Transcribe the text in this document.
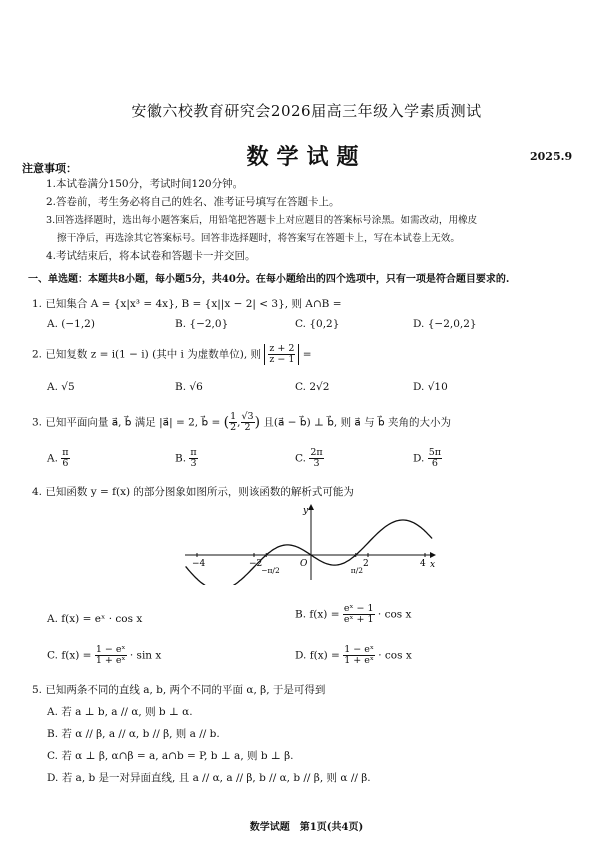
安徽六校教育研究会2026届高三年级入学素质测试
数学试题	2025.9
注意事项：
1.本试卷满分150分，考试时间120分钟。
2.答卷前，考生务必将自己的姓名、准考证号填写在答题卡上。
3.回答选择题时，选出每小题答案后，用铅笔把答题卡上对应题目的答案标号涂黑。如需改动，用橡皮
擦干净后，再选涂其它答案标号。回答非选择题时，将答案写在答题卡上，写在本试卷上无效。
4.考试结束后，将本试卷和答题卡一并交回。
一、单选题：本题共8小题，每小题5分，共40分。在每小题给出的四个选项中，只有一项是符合题目要求的.
1. 已知集合 A = {x|x³ = 4x}, B = {x||x − 2| < 3}, 则 A∩B =
A. (−1,2)	B. {−2,0}	C. {0,2}	D. {−2,0,2}
2. 已知复数 z = i(1 − i) (其中 i 为虚数单位), 则 $\frac{z + 2}{z - 1}$ =
A. √5	B. √6	C. 2√2	D. √10
3. 已知平面向量 a⃗, b⃗ 满足 |a⃗| = 2, b⃗ = ( $\frac{1}{2}$ , $\frac{√3}{2}$ ) 且(a⃗ − b⃗) ⊥ b⃗, 则 a⃗ 与 b⃗ 夹角的大小为
A. $\frac{\pi}{6}$	B. $\frac{\pi}{3}$	C. $\frac{2\pi}{3}$	D. $\frac{5\pi}{6}$
4. 已知函数 y = f(x) 的部分图象如图所示，则该函数的解析式可能为
y
x
O
−4	−2
−π/2	π/2
2	4
A. f(x) = eˣ · cos x	B. $f(x) = \frac{\text{eˣ − 1}}{\text{eˣ + 1}} \cdot \cos x$
C. $f(x) = \frac{\text{1 − eˣ}}{\text{1 + eˣ}} \cdot \sin x$	D. $f(x) = \frac{\text{1 − eˣ}}{\text{1 + eˣ}} \cdot \cos x$
5. 已知两条不同的直线 a, b, 两个不同的平面 α, β, 于是可得到
A. 若 a ⊥ b, a // α, 则 b ⊥ α.
B. 若 α // β, a // α, b // β, 则 a // b.
C. 若 α ⊥ β, α∩β = a, a∩b = P, b ⊥ a, 则 b ⊥ β.
D. 若 a, b 是一对异面直线, 且 a // α, a // β, b // α, b // β, 则 α // β.
数学试题　第1页(共4页)
